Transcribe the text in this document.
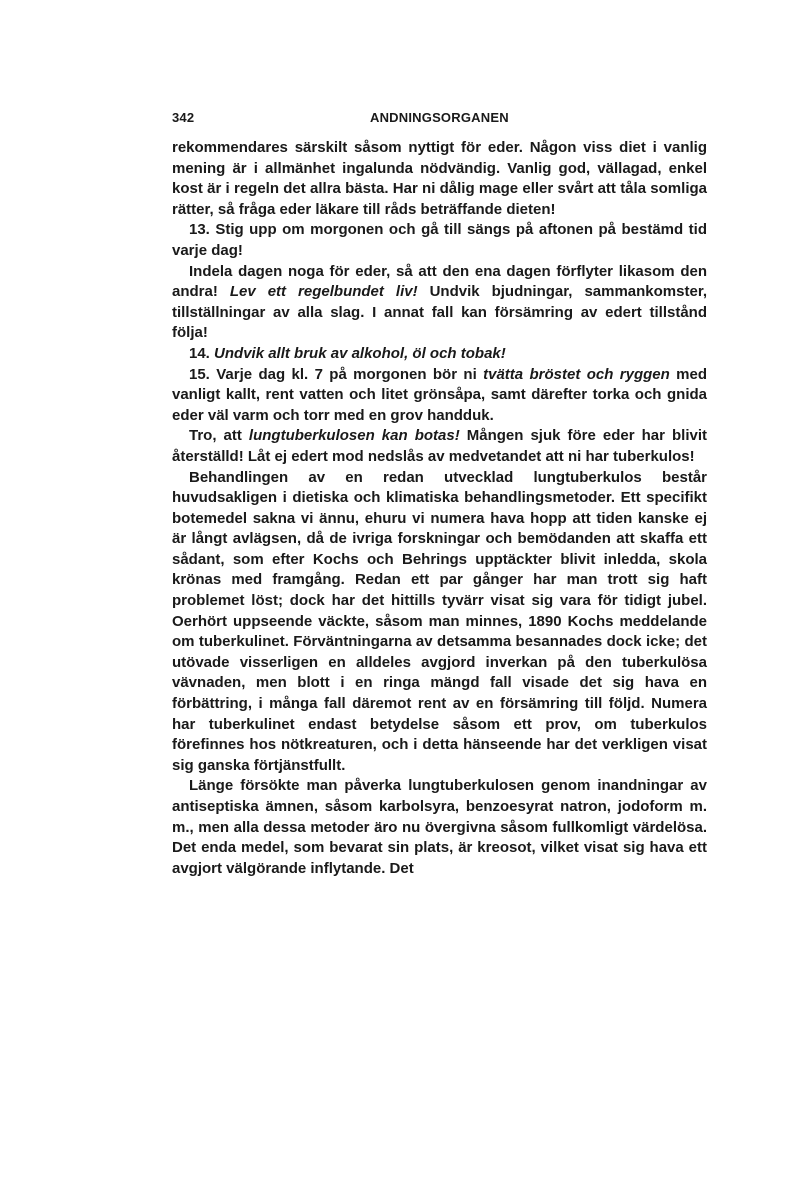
342	ANDNINGSORGANEN

rekommendares särskilt såsom nyttigt för eder. Någon viss diet i vanlig mening är i allmänhet ingalunda nödvändig. Vanlig god, vällagad, enkel kost är i regeln det allra bästa. Har ni dålig mage eller svårt att tåla somliga rätter, så fråga eder läkare till råds beträffande dieten!

13. Stig upp om morgonen och gå till sängs på aftonen på bestämd tid varje dag!

Indela dagen noga för eder, så att den ena dagen förflyter likasom den andra! Lev ett regelbundet liv! Undvik bjudningar, sammankomster, tillställningar av alla slag. I annat fall kan försämring av edert tillstånd följa!

14. Undvik allt bruk av alkohol, öl och tobak!

15. Varje dag kl. 7 på morgonen bör ni tvätta bröstet och ryggen med vanligt kallt, rent vatten och litet grönsåpa, samt därefter torka och gnida eder väl varm och torr med en grov handduk.

Tro, att lungtuberkulosen kan botas! Mången sjuk före eder har blivit återställd! Låt ej edert mod nedslås av medvetandet att ni har tuberkulos!

Behandlingen av en redan utvecklad lungtuberkulos består huvudsakligen i dietiska och klimatiska behandlingsmetoder. Ett specifikt botemedel sakna vi ännu, ehuru vi numera hava hopp att tiden kanske ej är långt avlägsen, då de ivriga forskningar och bemödanden att skaffa ett sådant, som efter Kochs och Behrings upptäckter blivit inledda, skola krönas med framgång. Redan ett par gånger har man trott sig haft problemet löst; dock har det hittills tyvärr visat sig vara för tidigt jubel. Oerhört uppseende väckte, såsom man minnes, 1890 Kochs meddelande om tuberkulinet. Förväntningarna av detsamma besannades dock icke; det utövade visserligen en alldeles avgjord inverkan på den tuberkulösa vävnaden, men blott i en ringa mängd fall visade det sig hava en förbättring, i många fall däremot rent av en försämring till följd. Numera har tuberkulinet endast betydelse såsom ett prov, om tuberkulos förefinnes hos nötkreaturen, och i detta hänseende har det verkligen visat sig ganska förtjänstfullt.

Länge försökte man påverka lungtuberkulosen genom inandningar av antiseptiska ämnen, såsom karbolsyra, benzoesyrat natron, jodoform m. m., men alla dessa metoder äro nu övergivna såsom fullkomligt värdelösa. Det enda medel, som bevarat sin plats, är kreosot, vilket visat sig hava ett avgjort välgörande inflytande. Det
